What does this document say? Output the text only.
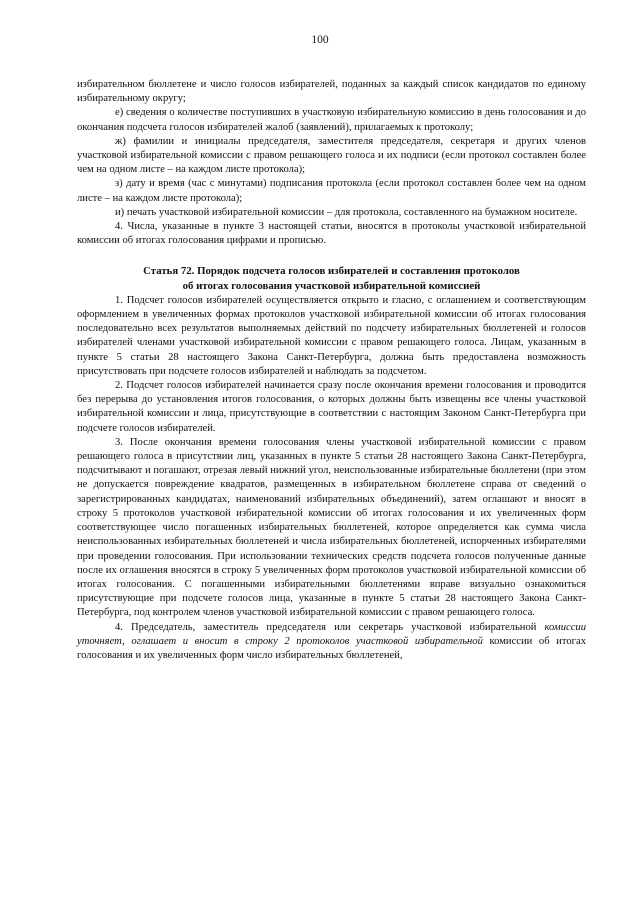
100

избирательном бюллетене и число голосов избирателей, поданных за каждый список кандидатов по единому избирательному округу;

е) сведения о количестве поступивших в участковую избирательную комиссию в день голосования и до окончания подсчета голосов избирателей жалоб (заявлений), прилагаемых к протоколу;

ж) фамилии и инициалы председателя, заместителя председателя, секретаря и других членов участковой избирательной комиссии с правом решающего голоса и их подписи (если протокол составлен более чем на одном листе – на каждом листе протокола);

з) дату и время (час с минутами) подписания протокола (если протокол составлен более чем на одном листе – на каждом листе протокола);

и) печать участковой избирательной комиссии – для протокола, составленного на бумажном носителе.

4. Числа, указанные в пункте 3 настоящей статьи, вносятся в протоколы участковой избирательной комиссии об итогах голосования цифрами и прописью.

Статья 72. Порядок подсчета голосов избирателей и составления протоколов
об итогах голосования участковой избирательной комиссией

1. Подсчет голосов избирателей осуществляется открыто и гласно, с оглашением и соответствующим оформлением в увеличенных формах протоколов участковой избирательной комиссии об итогах голосования последовательно всех результатов выполняемых действий по подсчету избирательных бюллетеней и голосов избирателей членами участковой избирательной комиссии с правом решающего голоса. Лицам, указанным в пункте 5 статьи 28 настоящего Закона Санкт-Петербурга, должна быть предоставлена возможность присутствовать при подсчете голосов избирателей и наблюдать за подсчетом.

2. Подсчет голосов избирателей начинается сразу после окончания времени голосования и проводится без перерыва до установления итогов голосования, о которых должны быть извещены все члены участковой избирательной комиссии и лица, присутствующие в соответствии с настоящим Законом Санкт-Петербурга при подсчете голосов избирателей.

3. После окончания времени голосования члены участковой избирательной комиссии с правом решающего голоса в присутствии лиц, указанных в пункте 5 статьи 28 настоящего Закона Санкт-Петербурга, подсчитывают и погашают, отрезая левый нижний угол, неиспользованные избирательные бюллетени (при этом не допускается повреждение квадратов, размещенных в избирательном бюллетене справа от сведений о зарегистрированных кандидатах, наименований избирательных объединений), затем оглашают и вносят в строку 5 протоколов участковой избирательной комиссии об итогах голосования и их увеличенных форм соответствующее число погашенных избирательных бюллетеней, которое определяется как сумма числа неиспользованных избирательных бюллетеней и числа избирательных бюллетеней, испорченных избирателями при проведении голосования. При использовании технических средств подсчета голосов полученные данные после их оглашения вносятся в строку 5 увеличенных форм протоколов участковой избирательной комиссии об итогах голосования. С погашенными избирательными бюллетенями вправе визуально ознакомиться присутствующие при подсчете голосов лица, указанные в пункте 5 статьи 28 настоящего Закона Санкт-Петербурга, под контролем членов участковой избирательной комиссии с правом решающего голоса.

4. Председатель, заместитель председателя или секретарь участковой избирательной комиссии уточняет, оглашает и вносит в строку 2 протоколов участковой избирательной комиссии об итогах голосования и их увеличенных форм число избирательных бюллетеней,
